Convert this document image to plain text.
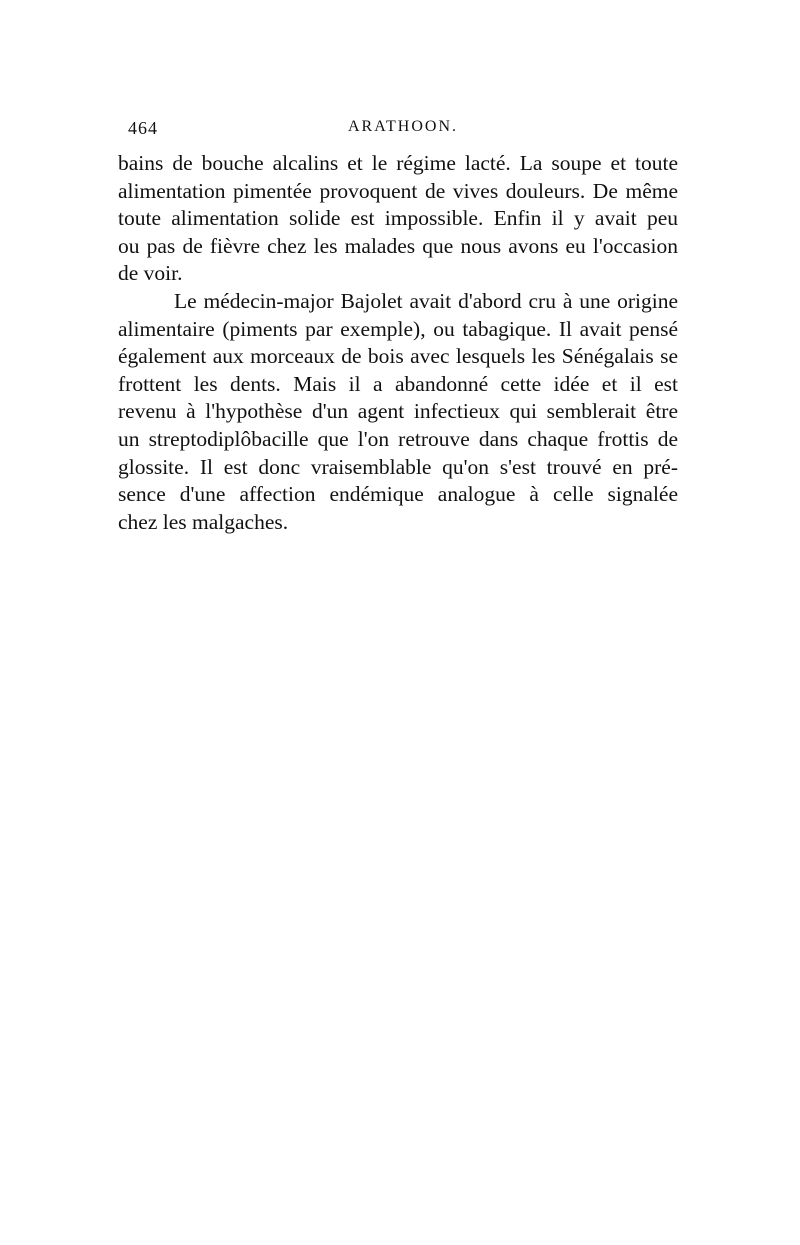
464	ARATHOON.

bains de bouche alcalins et le régime lacté. La soupe et toute
alimentation pimentée provoquent de vives douleurs. De même
toute alimentation solide est impossible. Enfin il y avait peu
ou pas de fièvre chez les malades que nous avons eu l'occasion
de voir.

Le médecin-major Bajolet avait d'abord cru à une origine
alimentaire (piments par exemple), ou tabagique. Il avait pensé
également aux morceaux de bois avec lesquels les Sénégalais se
frottent les dents. Mais il a abandonné cette idée et il est
revenu à l'hypothèse d'un agent infectieux qui semblerait être
un streptodiplôbacille que l'on retrouve dans chaque frottis de
glossite. Il est donc vraisemblable qu'on s'est trouvé en pré-
sence d'une affection endémique analogue à celle signalée
chez les malgaches.
